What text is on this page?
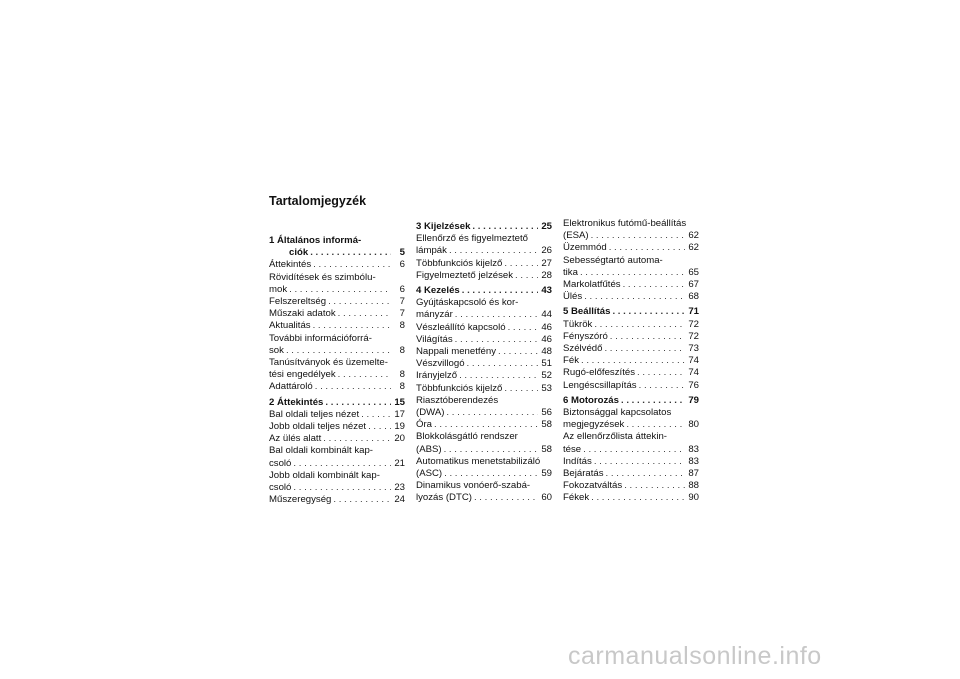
Tartalomjegyzék
1 Általános informá-
ciók . . .	5
Áttekintés . . .	6
Rövidítések és szimbólu-
mok . . .	6
Felszereltség . . .	7
Műszaki adatok . . .	7
Aktualitás . . .	8
További információforrá-
sok . . .	8
Tanúsítványok és üzemelte-
tési engedélyek . . .	8
Adattároló . . .	8
2 Áttekintés . . .	15
Bal oldali teljes nézet . . .	17
Jobb oldali teljes nézet . . .	19
Az ülés alatt . . .	20
Bal oldali kombinált kap-
csoló . . .	21
Jobb oldali kombinált kap-
csoló . . .	23
Műszeregység . . .	24
3 Kijelzések . . .	25
Ellenőrző és figyelmeztető
lámpák . . .	26
Többfunkciós kijelző . . .	27
Figyelmeztető jelzések . . .	28
4 Kezelés . . .	43
Gyújtáskapcsoló és kor-
mányzár . . .	44
Vészleállító kapcsoló . . .	46
Világítás . . .	46
Nappali menetfény . . .	48
Vészvillogó . . .	51
Irányjelző . . .	52
Többfunkciós kijelző . . .	53
Riasztóberendezés
(DWA) . . .	56
Óra . . .	58
Blokkolásgátló rendszer
(ABS) . . .	58
Automatikus menetstabilizáló
(ASC) . . .	59
Dinamikus vonóerő-szabá-
lyozás (DTC) . . .	60
Elektronikus futómű-beállítás
(ESA) . . .	62
Üzemmód . . .	62
Sebességtartó automa-
tika . . .	65
Markolatfűtés . . .	67
Ülés . . .	68
5 Beállítás . . .	71
Tükrök . . .	72
Fényszóró . . .	72
Szélvédő . . .	73
Fék . . .	74
Rugó-előfeszítés . . .	74
Lengéscsillapítás . . .	76
6 Motorozás . . .	79
Biztonsággal kapcsolatos
megjegyzések . . .	80
Az ellenőrzőlista áttekin-
tése . . .	83
Indítás . . .	83
Bejáratás . . .	87
Fokozatváltás . . .	88
Fékek . . .	90
carmanualsonline.info
